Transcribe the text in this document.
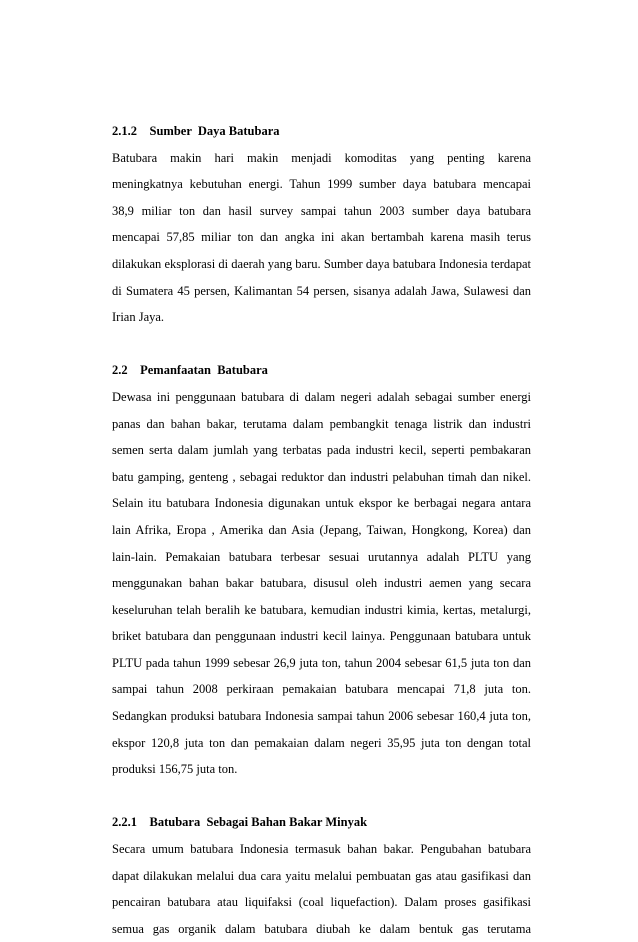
2.1.2    Sumber  Daya Batubara

Batubara makin hari makin menjadi komoditas yang penting karena
meningkatnya kebutuhan energi. Tahun 1999 sumber daya batubara mencapai
38,9 miliar ton dan hasil survey sampai tahun 2003 sumber daya batubara
mencapai 57,85 miliar ton dan angka ini akan bertambah karena masih terus
dilakukan eksplorasi di daerah yang baru. Sumber daya batubara Indonesia terdapat
di Sumatera 45 persen, Kalimantan 54 persen, sisanya adalah Jawa, Sulawesi dan
Irian Jaya.

2.2    Pemanfaatan  Batubara

Dewasa ini penggunaan batubara di dalam negeri adalah sebagai sumber energi
panas dan bahan bakar, terutama dalam pembangkit tenaga listrik dan industri
semen serta dalam jumlah yang terbatas pada industri kecil, seperti pembakaran
batu gamping, genteng , sebagai reduktor dan industri pelabuhan timah dan nikel.
Selain itu batubara Indonesia digunakan untuk ekspor ke berbagai negara antara
lain Afrika, Eropa , Amerika dan Asia (Jepang, Taiwan, Hongkong, Korea) dan
lain-lain. Pemakaian batubara terbesar sesuai urutannya adalah PLTU yang
menggunakan bahan bakar batubara, disusul oleh industri aemen yang secara
keseluruhan telah beralih ke batubara, kemudian industri kimia, kertas, metalurgi,
briket batubara dan penggunaan industri kecil lainya. Penggunaan batubara untuk
PLTU pada tahun 1999 sebesar 26,9 juta ton, tahun 2004 sebesar 61,5 juta ton dan
sampai tahun 2008 perkiraan pemakaian batubara mencapai 71,8 juta ton.
Sedangkan produksi batubara Indonesia sampai tahun 2006 sebesar 160,4 juta ton,
ekspor 120,8 juta ton dan pemakaian dalam negeri 35,95 juta ton dengan total
produksi 156,75 juta ton.

2.2.1    Batubara  Sebagai Bahan Bakar Minyak

Secara umum batubara Indonesia termasuk bahan bakar. Pengubahan batubara
dapat dilakukan melalui dua cara yaitu melalui pembuatan gas atau gasifikasi dan
pencairan batubara atau liquifaksi (coal liquefaction). Dalam proses gasifikasi
semua gas organik dalam batubara diubah ke dalam bentuk gas terutama
